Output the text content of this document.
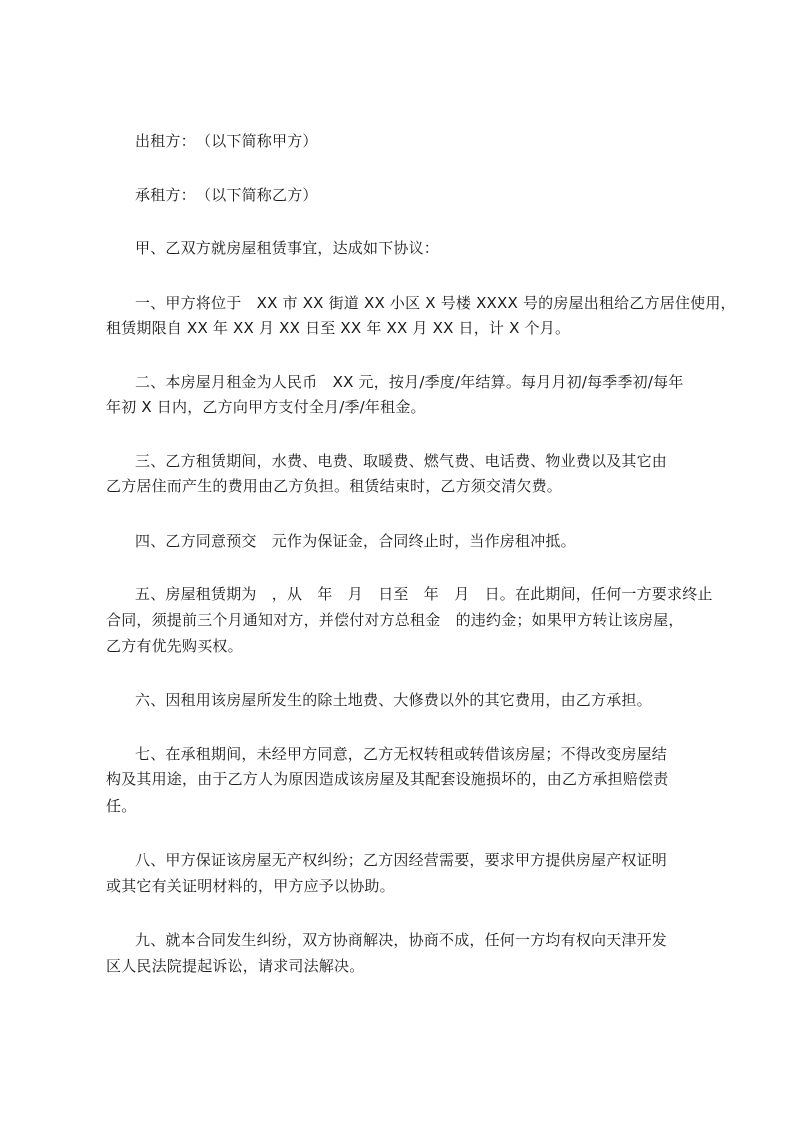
出租方：　（以下简称甲方）
承租方：　（以下简称乙方）
甲、乙双方就房屋租赁事宜，达成如下协议：
一、甲方将位于　XX 市 XX 街道 XX 小区 X 号楼 XXXX 号的房屋出租给乙方居住使用，
租赁期限自 XX 年 XX 月 XX 日至 XX 年 XX 月 XX 日，计 X 个月。
二、本房屋月租金为人民币　XX 元，按月/季度/年结算。每月月初/每季季初/每年
年初 X 日内，乙方向甲方支付全月/季/年租金。
三、乙方租赁期间，水费、电费、取暖费、燃气费、电话费、物业费以及其它由
乙方居住而产生的费用由乙方负担。租赁结束时，乙方须交清欠费。
四、乙方同意预交　元作为保证金，合同终止时，当作房租冲抵。
五、房屋租赁期为　，从　年　月　日至　年　月　日。在此期间，任何一方要求终止
合同，须提前三个月通知对方，并偿付对方总租金　的违约金；如果甲方转让该房屋，
乙方有优先购买权。
六、因租用该房屋所发生的除土地费、大修费以外的其它费用，由乙方承担。
七、在承租期间，未经甲方同意，乙方无权转租或转借该房屋；不得改变房屋结
构及其用途，由于乙方人为原因造成该房屋及其配套设施损坏的，由乙方承担赔偿责
任。
八、甲方保证该房屋无产权纠纷；乙方因经营需要，要求甲方提供房屋产权证明
或其它有关证明材料的，甲方应予以协助。
九、就本合同发生纠纷，双方协商解决，协商不成，任何一方均有权向天津开发
区人民法院提起诉讼，请求司法解决。
